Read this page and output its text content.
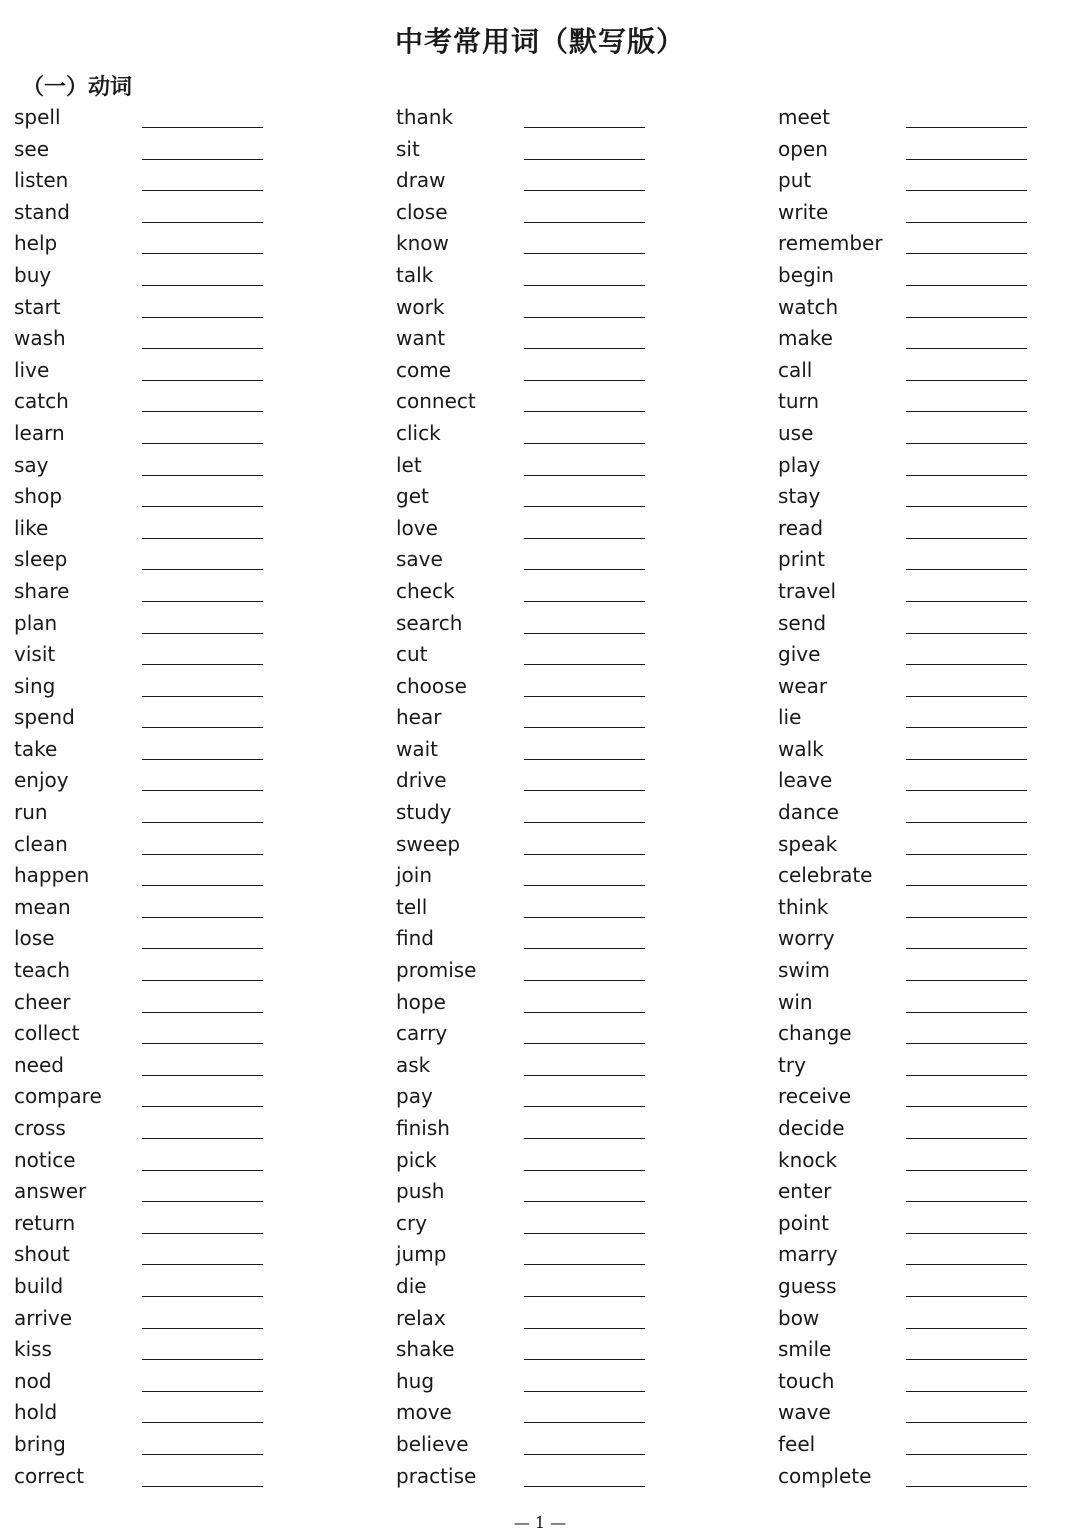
中考常用词（默写版）
（一）动词
spell
see
listen
stand
help
buy
start
wash
live
catch
learn
say
shop
like
sleep
share
plan
visit
sing
spend
take
enjoy
run
clean
happen
mean
lose
teach
cheer
collect
need
compare
cross
notice
answer
return
shout
build
arrive
kiss
nod
hold
bring
correct
thank
sit
draw
close
know
talk
work
want
come
connect
click
let
get
love
save
check
search
cut
choose
hear
wait
drive
study
sweep
join
tell
find
promise
hope
carry
ask
pay
finish
pick
push
cry
jump
die
relax
shake
hug
move
believe
practise
meet
open
put
write
remember
begin
watch
make
call
turn
use
play
stay
read
print
travel
send
give
wear
lie
walk
leave
dance
speak
celebrate
think
worry
swim
win
change
try
receive
decide
knock
enter
point
marry
guess
bow
smile
touch
wave
feel
complete
— 1 —
